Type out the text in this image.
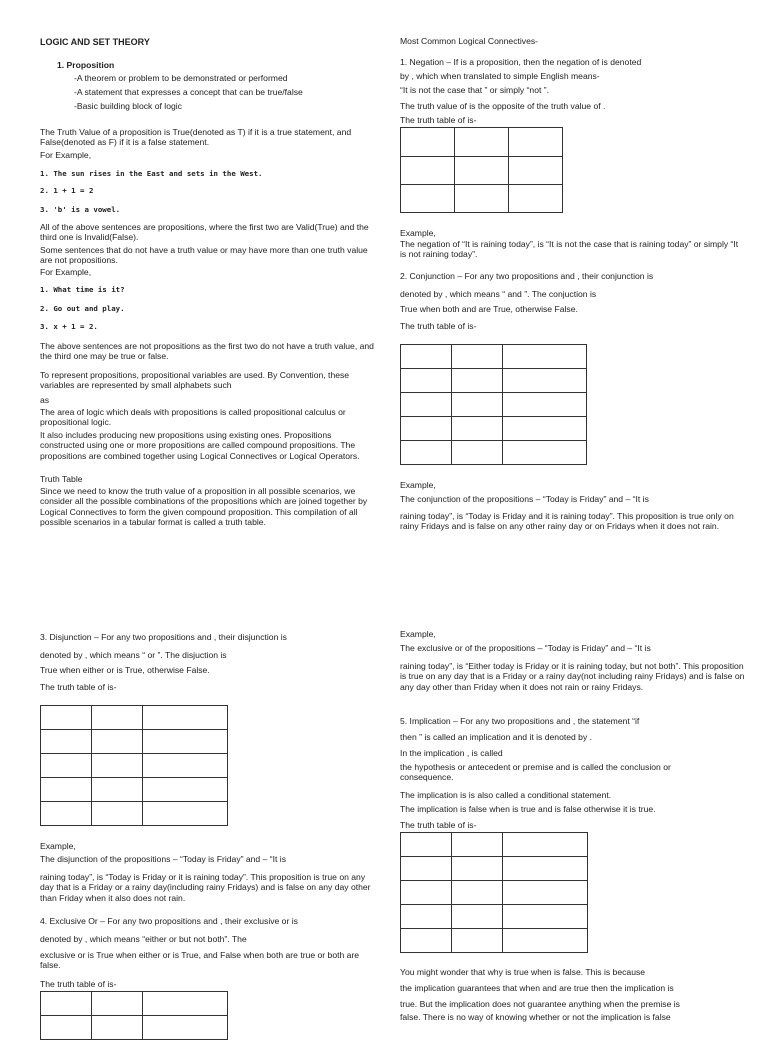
LOGIC AND SET THEORY
1. Proposition
-A theorem or problem to be demonstrated or performed
-A statement that expresses a concept that can be true/false
-Basic building block of logic
The Truth Value of a proposition is True(denoted as T) if it is a true statement, and False(denoted as F) if it is a false statement.
For Example,
1. The sun rises in the East and sets in the West.
2. 1 + 1 = 2
3. 'b' is a vowel.
All of the above sentences are propositions, where the first two are Valid(True) and the third one is Invalid(False).
Some sentences that do not have a truth value or may have more than one truth value are not propositions.
For Example,
1. What time is it?
2. Go out and play.
3. x + 1 = 2.
The above sentences are not propositions as the first two do not have a truth value, and the third one may be true or false.
To represent propositions, propositional variables are used. By Convention, these variables are represented by small alphabets such
as
The area of logic which deals with propositions is called propositional calculus or propositional logic.
It also includes producing new propositions using existing ones. Propositions constructed using one or more propositions are called compound propositions. The propositions are combined together using Logical Connectives or Logical Operators.
Truth Table
Since we need to know the truth value of a proposition in all possible scenarios, we consider all the possible combinations of the propositions which are joined together by Logical Connectives to form the given compound proposition. This compilation of all possible scenarios in a tabular format is called a truth table.
Most Common Logical Connectives-
1. Negation – If is a proposition, then the negation of is denoted
by , which when translated to simple English means-
“It is not the case that ” or simply “not ”.
The truth value of is the opposite of the truth value of .
The truth table of is-

Example,
The negation of “It is raining today”, is “It is not the case that is raining today” or simply “It is not raining today”.
2. Conjunction – For any two propositions and , their conjunction is
denoted by , which means “ and ”. The conjuction is
True when both and are True, otherwise False.
The truth table of is-

Example,
The conjunction of the propositions – “Today is Friday” and – “It is
raining today”, is “Today is Friday and it is raining today”. This proposition is true only on rainy Fridays and is false on any other rainy day or on Fridays when it does not rain.
3. Disjunction – For any two propositions and , their disjunction is
denoted by , which means “ or ”. The disjuction is
True when either or is True, otherwise False.
The truth table of is-

Example,
The disjunction of the propositions – “Today is Friday” and – “It is
raining today”, is “Today is Friday or it is raining today”. This proposition is true on any day that is a Friday or a rainy day(including rainy Fridays) and is false on any day other than Friday when it also does not rain.
4. Exclusive Or – For any two propositions and , their exclusive or is
denoted by , which means “either or but not both”. The
exclusive or is True when either or is True, and False when both are true or both are false.
The truth table of is-

Example,
The exclusive or of the propositions – “Today is Friday” and – “It is
raining today”, is “Either today is Friday or it is raining today, but not both”. This proposition is true on any day that is a Friday or a rainy day(not including rainy Fridays) and is false on any day other than Friday when it does not rain or rainy Fridays.
5. Implication – For any two propositions and , the statement “if
then ” is called an implication and it is denoted by .
In the implication , is called
the hypothesis or antecedent or premise and is called the conclusion or consequence.
The implication is is also called a conditional statement.
The implication is false when is true and is false otherwise it is true.
The truth table of is-

You might wonder that why is true when is false. This is because
the implication guarantees that when and are true then the implication is
true. But the implication does not guarantee anything when the premise is
false. There is no way of knowing whether or not the implication is false
